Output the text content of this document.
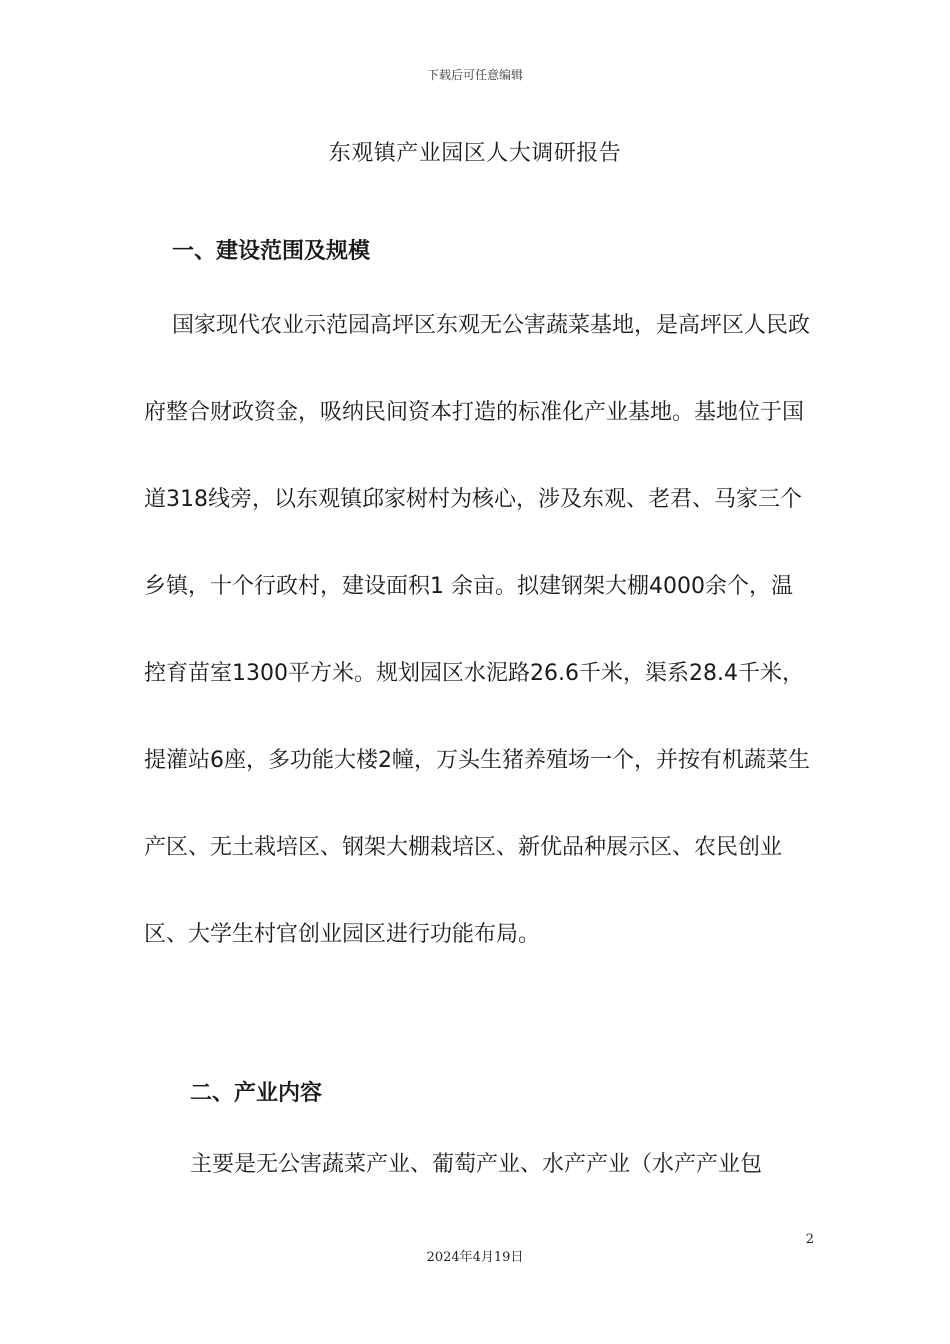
下载后可任意编辑
东观镇产业园区人大调研报告
一、建设范围及规模

国家现代农业示范园高坪区东观无公害蔬菜基地，是高坪区人民政府整合财政资金，吸纳民间资本打造的标准化产业基地。基地位于国道318线旁，以东观镇邱家树村为核心，涉及东观、老君、马家三个乡镇，十个行政村，建设面积1 余亩。拟建钢架大棚4000余个，温控育苗室1300平方米。规划园区水泥路26.6千米，渠系28.4千米，提灌站6座，多功能大楼2幢，万头生猪养殖场一个，并按有机蔬菜生产区、无土栽培区、钢架大棚栽培区、新优品种展示区、农民创业区、大学生村官创业园区进行功能布局。

二、产业内容

主要是无公害蔬菜产业、葡萄产业、水产产业（水产产业包

2
2024年4月19日
